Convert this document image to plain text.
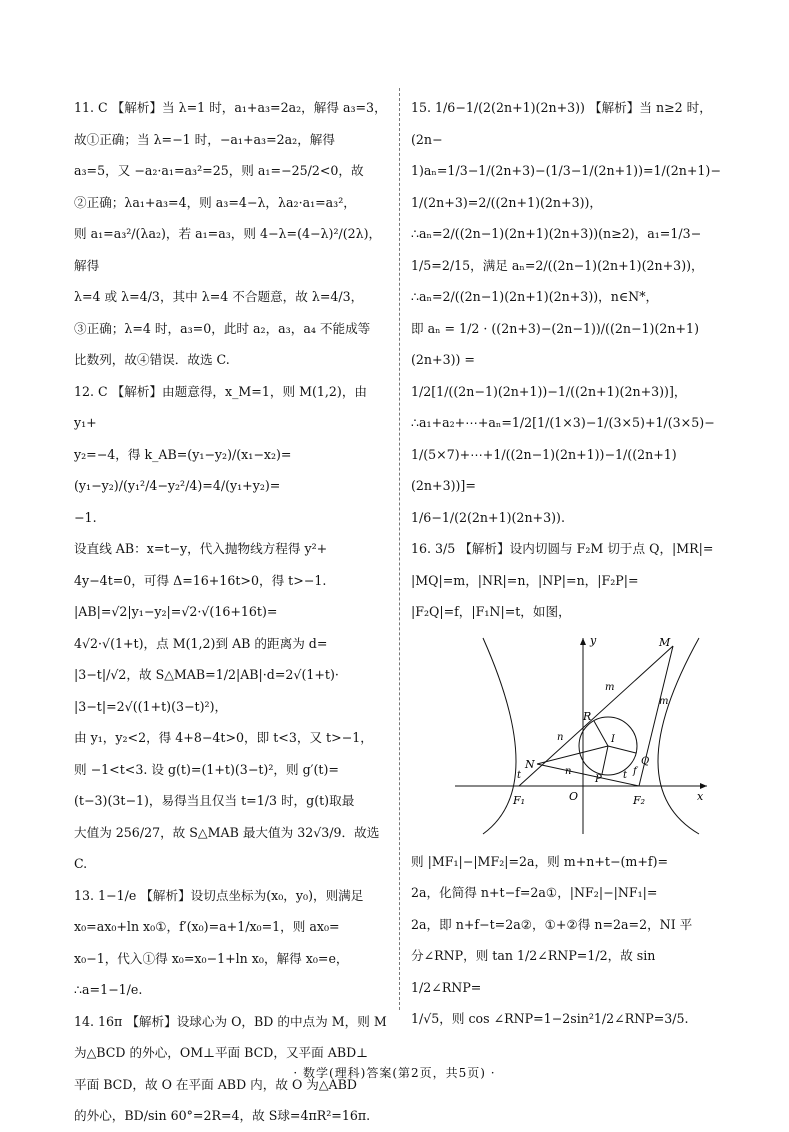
11. C 【解析】当 λ=1 时，a₁+a₃=2a₂，解得 a₃=3，

故①正确；当 λ=−1 时，−a₁+a₃=2a₂，解得

a₃=5，又 −a₂·a₁=a₃²=25，则 a₁=−25/2<0，故

②正确；λa₁+a₃=4，则 a₃=4−λ，λa₂·a₁=a₃²，

则 a₁=a₃²/(λa₂)，若 a₁=a₃，则 4−λ=(4−λ)²/(2λ)，解得

λ=4 或 λ=4/3，其中 λ=4 不合题意，故 λ=4/3，

③正确；λ=4 时，a₃=0，此时 a₂，a₃，a₄ 不能成等

比数列，故④错误．故选 C.

12. C 【解析】由题意得，x_M=1，则 M(1,2)，由 y₁+

y₂=−4，得 k_AB=(y₁−y₂)/(x₁−x₂)=(y₁−y₂)/(y₁²/4−y₂²/4)=4/(y₁+y₂)=

−1.

设直线 AB：x=t−y，代入抛物线方程得 y²+

4y−4t=0，可得 Δ=16+16t>0，得 t>−1.

|AB|=√2|y₁−y₂|=√2·√(16+16t)=

4√2·√(1+t)，点 M(1,2)到 AB 的距离为 d=

|3−t|/√2，故 S△MAB=1/2|AB|·d=2√(1+t)·

|3−t|=2√((1+t)(3−t)²)，

由 y₁，y₂<2，得 4+8−4t>0，即 t<3，又 t>−1，

则 −1<t<3. 设 g(t)=(1+t)(3−t)²，则 g′(t)=

(t−3)(3t−1)，易得当且仅当 t=1/3 时，g(t)取最

大值为 256/27，故 S△MAB 最大值为 32√3/9．故选 C.

13. 1−1/e 【解析】设切点坐标为(x₀，y₀)，则满足

x₀=ax₀+ln x₀①，f′(x₀)=a+1/x₀=1，则 ax₀=

x₀−1，代入①得 x₀=x₀−1+ln x₀，解得 x₀=e，

∴a=1−1/e.

14. 16π 【解析】设球心为 O，BD 的中点为 M，则 M

为△BCD 的外心，OM⊥平面 BCD，又平面 ABD⊥

平面 BCD，故 O 在平面 ABD 内，故 O 为△ABD

的外心，BD/sin 60°=2R=4，故 S球=4πR²=16π.

15. 1/6−1/(2(2n+1)(2n+3)) 【解析】当 n≥2 时，(2n−

1)aₙ=1/3−1/(2n+3)−(1/3−1/(2n+1))=1/(2n+1)−

1/(2n+3)=2/((2n+1)(2n+3))，

∴aₙ=2/((2n−1)(2n+1)(2n+3))(n≥2)，a₁=1/3−

1/5=2/15，满足 aₙ=2/((2n−1)(2n+1)(2n+3))，

∴aₙ=2/((2n−1)(2n+1)(2n+3))，n∈N*，

即 aₙ = 1/2 · ((2n+3)−(2n−1))/((2n−1)(2n+1)(2n+3)) =

1/2[1/((2n−1)(2n+1))−1/((2n+1)(2n+3))]，

∴a₁+a₂+⋯+aₙ=1/2[1/(1×3)−1/(3×5)+1/(3×5)−

1/(5×7)+⋯+1/((2n−1)(2n+1))−1/((2n+1)(2n+3))]=

1/6−1/(2(2n+1)(2n+3)).

16. 3/5 【解析】设内切圆与 F₂M 切于点 Q，|MR|=

|MQ|=m，|NR|=n，|NP|=n，|F₂P|=

|F₂Q|=f，|F₁N|=t，如图，

y
x
M
m
m
R
I
n
n
N
t
Q
f
t
P
O
F₁	F₂

则 |MF₁|−|MF₂|=2a，则 m+n+t−(m+f)=

2a，化简得 n+t−f=2a①，|NF₂|−|NF₁|=

2a，即 n+f−t=2a②，①+②得 n=2a=2，NI 平

分∠RNP，则 tan 1/2∠RNP=1/2，故 sin 1/2∠RNP=

1/√5，则 cos ∠RNP=1−2sin²1/2∠RNP=3/5.

· 数学(理科)答案(第2页，共5页) ·
